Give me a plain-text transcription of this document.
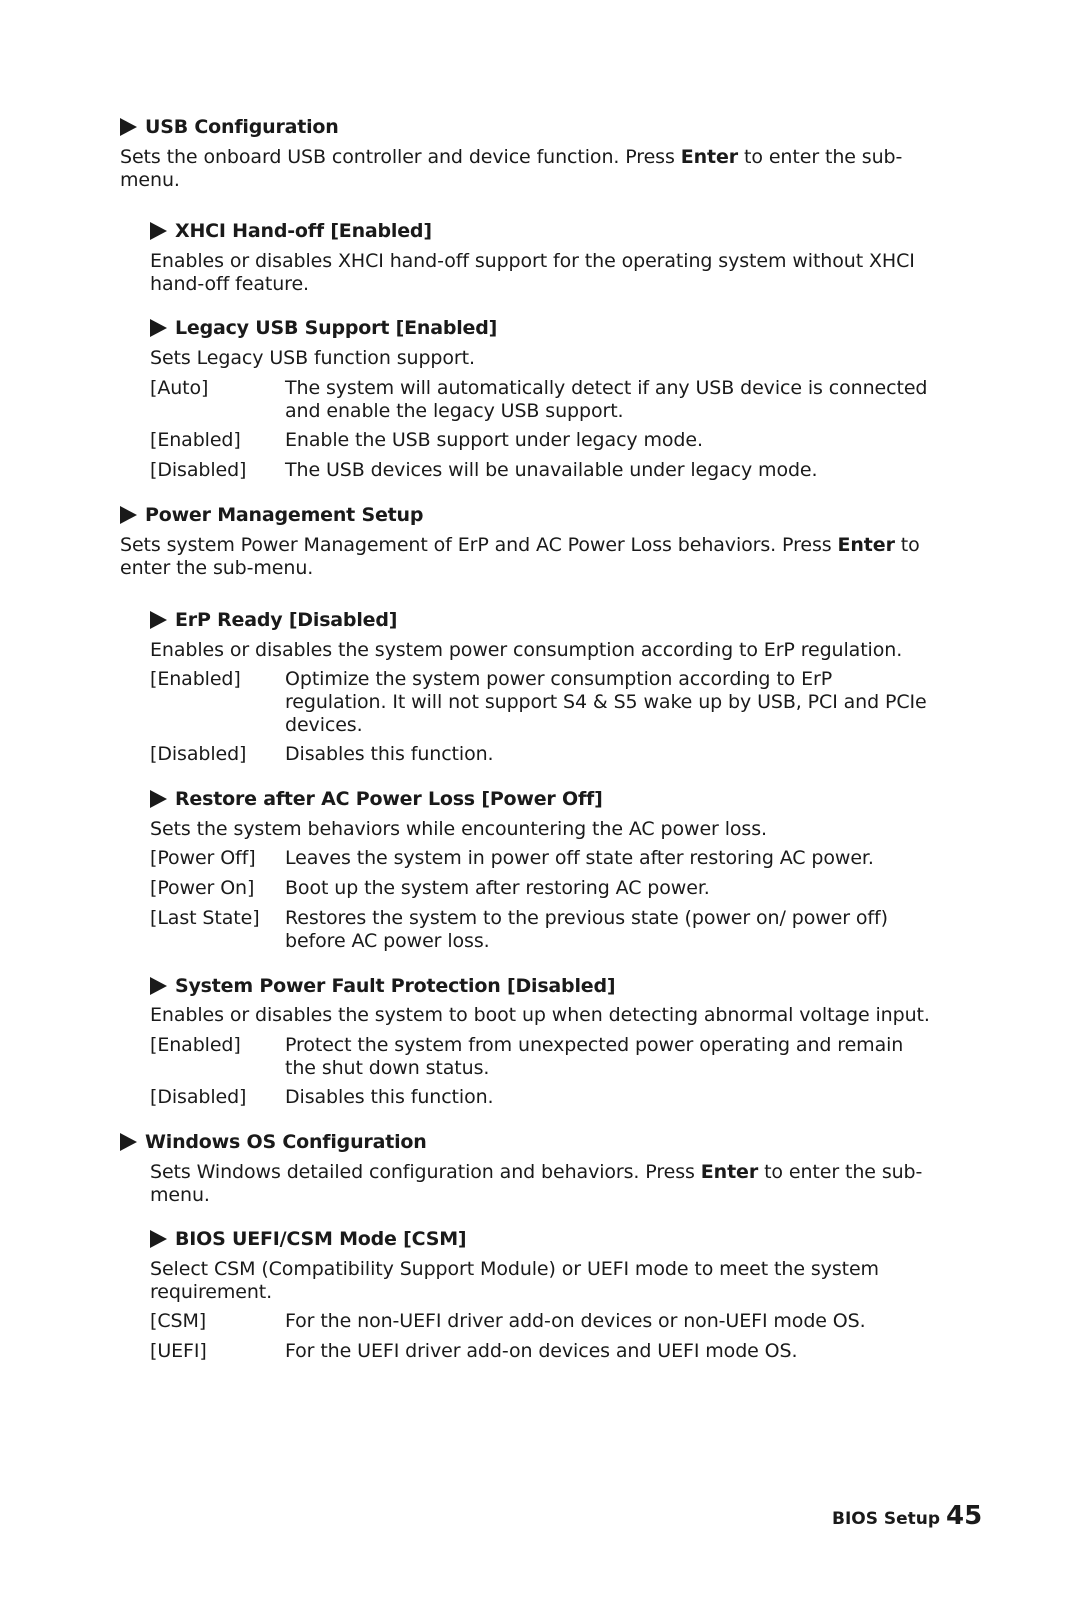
USB Configuration
Sets the onboard USB controller and device function. Press Enter to enter the sub-
menu.
XHCI Hand-off [Enabled]
Enables or disables XHCI hand-off support for the operating system without XHCI
hand-off feature.
Legacy USB Support [Enabled]
Sets Legacy USB function support.
[Auto]	The system will automatically detect if any USB device is connected
and enable the legacy USB support.
[Enabled] Enable the USB support under legacy mode.
[Disabled] The USB devices will be unavailable under legacy mode.
Power Management Setup
Sets system Power Management of ErP and AC Power Loss behaviors. Press Enter to
enter the sub-menu.
ErP Ready [Disabled]
Enables or disables the system power consumption according to ErP regulation.
[Enabled] Optimize the system power consumption according to ErP
regulation. It will not support S4 & S5 wake up by USB, PCI and PCIe
devices.
[Disabled] Disables this function.
Restore after AC Power Loss [Power Off]
Sets the system behaviors while encountering the AC power loss.
[Power Off] Leaves the system in power off state after restoring AC power.
[Power On] Boot up the system after restoring AC power.
[Last State] Restores the system to the previous state (power on/ power off)
before AC power loss.
System Power Fault Protection [Disabled]
Enables or disables the system to boot up when detecting abnormal voltage input.
[Enabled] Protect the system from unexpected power operating and remain
the shut down status.
[Disabled] Disables this function.
Windows OS Configuration
Sets Windows detailed configuration and behaviors. Press Enter to enter the sub-
menu.
BIOS UEFI/CSM Mode [CSM]
Select CSM (Compatibility Support Module) or UEFI mode to meet the system
requirement.
[CSM]	For the non-UEFI driver add-on devices or non-UEFI mode OS.
[UEFI]	For the UEFI driver add-on devices and UEFI mode OS.
BIOS Setup 45
